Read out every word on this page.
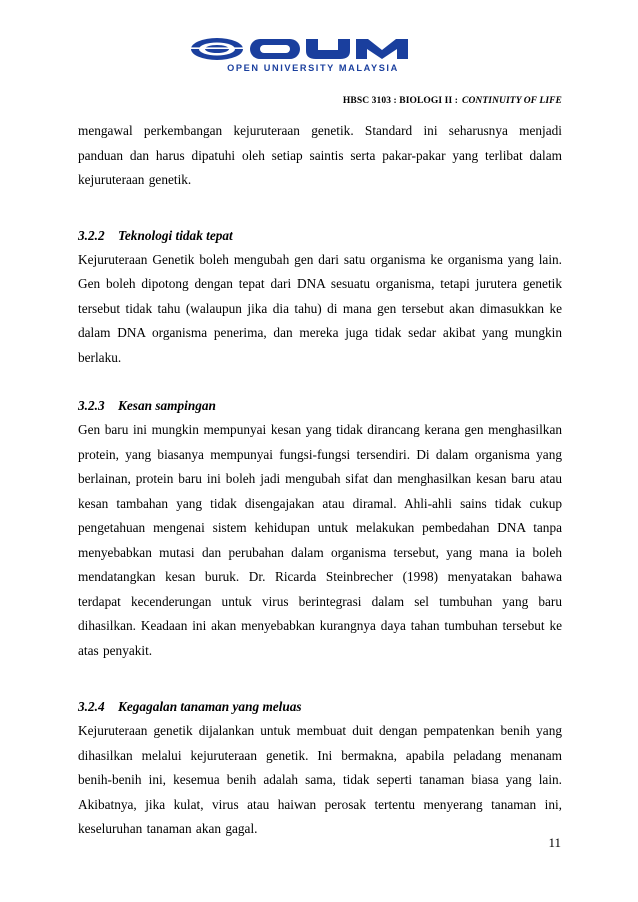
OPEN UNIVERSITY MALAYSIA
HBSC 3103 : BIOLOGI II : CONTINUITY OF LIFE

mengawal perkembangan kejuruteraan genetik. Standard ini seharusnya menjadi panduan dan harus dipatuhi oleh setiap saintis serta pakar-pakar yang terlibat dalam kejuruteraan genetik.

3.2.2 Teknologi tidak tepat

Kejuruteraan Genetik boleh mengubah gen dari satu organisma ke organisma yang lain. Gen boleh dipotong dengan tepat dari DNA sesuatu organisma, tetapi jurutera genetik tersebut tidak tahu (walaupun jika dia tahu) di mana gen tersebut akan dimasukkan ke dalam DNA organisma penerima, dan mereka juga tidak sedar akibat yang mungkin berlaku.

3.2.3 Kesan sampingan

Gen baru ini mungkin mempunyai kesan yang tidak dirancang kerana gen menghasilkan protein, yang biasanya mempunyai fungsi-fungsi tersendiri. Di dalam organisma yang berlainan, protein baru ini boleh jadi mengubah sifat dan menghasilkan kesan baru atau kesan tambahan yang tidak disengajakan atau diramal. Ahli-ahli sains tidak cukup pengetahuan mengenai sistem kehidupan untuk melakukan pembedahan DNA tanpa menyebabkan mutasi dan perubahan dalam organisma tersebut, yang mana ia boleh mendatangkan kesan buruk. Dr. Ricarda Steinbrecher (1998) menyatakan bahawa terdapat kecenderungan untuk virus berintegrasi dalam sel tumbuhan yang baru dihasilkan. Keadaan ini akan menyebabkan kurangnya daya tahan tumbuhan tersebut ke atas penyakit.

3.2.4 Kegagalan tanaman yang meluas

Kejuruteraan genetik dijalankan untuk membuat duit dengan pempatenkan benih yang dihasilkan melalui kejuruteraan genetik. Ini bermakna, apabila peladang menanam benih-benih ini, kesemua benih adalah sama, tidak seperti tanaman biasa yang lain. Akibatnya, jika kulat, virus atau haiwan perosak tertentu menyerang tanaman ini, keseluruhan tanaman akan gagal.

11
